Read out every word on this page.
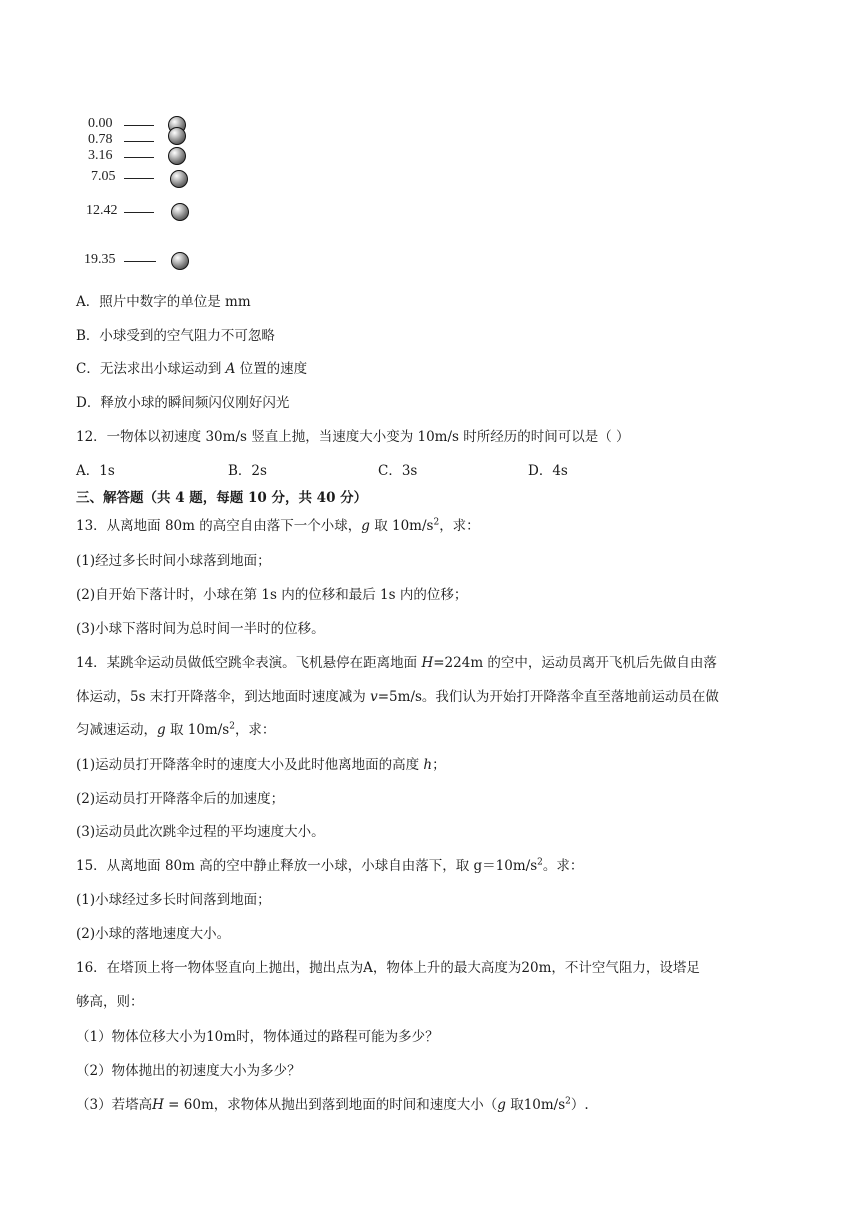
0.00
0.78
3.16
7.05
12.42
19.35
A．照片中数字的单位是 mm
B．小球受到的空气阻力不可忽略
C．无法求出小球运动到 A 位置的速度
D．释放小球的瞬间频闪仪刚好闪光
12．一物体以初速度 30m/s 竖直上抛，当速度大小变为 10m/s 时所经历的时间可以是（ ）
A．1s	B．2s	C．3s	D．4s
三、解答题（共 4 题，每题 10 分，共 40 分）
13．从离地面 80m 的高空自由落下一个小球，g 取 $10m/s^2$，求：
(1)经过多长时间小球落到地面；
(2)自开始下落计时，小球在第 1s 内的位移和最后 1s 内的位移；
(3)小球下落时间为总时间一半时的位移。
14．某跳伞运动员做低空跳伞表演。飞机悬停在距离地面 H=224m 的空中，运动员离开飞机后先做自由落
体运动，5s 末打开降落伞，到达地面时速度减为 v=5m/s。我们认为开始打开降落伞直至落地前运动员在做
匀减速运动，g 取 $10m/s^2$，求：
(1)运动员打开降落伞时的速度大小及此时他离地面的高度 h；
(2)运动员打开降落伞后的加速度；
(3)运动员此次跳伞过程的平均速度大小。
15．从离地面 80m 高的空中静止释放一小球，小球自由落下，取 $g=10m/s^2$。求：
(1)小球经过多长时间落到地面；
(2)小球的落地速度大小。
16．在塔顶上将一物体竖直向上抛出，抛出点为A，物体上升的最大高度为20m，不计空气阻力，设塔足
够高，则：
（1）物体位移大小为10m时，物体通过的路程可能为多少？
（2）物体抛出的初速度大小为多少？
（3）若塔高H = 60m，求物体从抛出到落到地面的时间和速度大小（g 取$10m/s^2$）.
